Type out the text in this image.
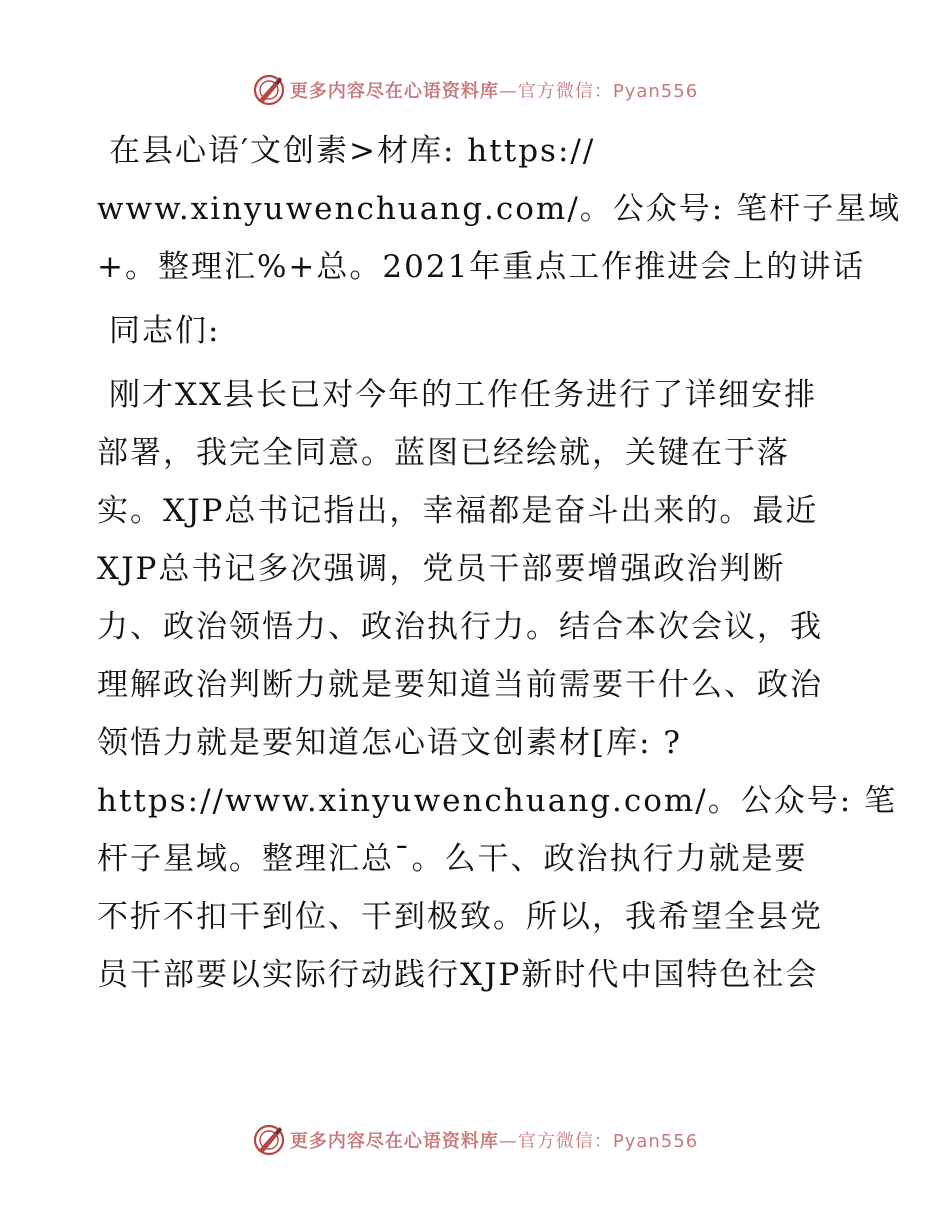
更多内容尽在心语资料库—官方微信：Pyan556
在县心语′文创素>材库: https://
www.xinyuwenchuang.com/。公众号: 笔杆子星域
+。整理汇%+总。2021年重点工作推进会上的讲话
同志们:
刚才XX县长已对今年的工作任务进行了详细安排
部署，我完全同意。蓝图已经绘就，关键在于落
实。XJP总书记指出，幸福都是奋斗出来的。最近
XJP总书记多次强调，党员干部要增强政治判断
力、政治领悟力、政治执行力。结合本次会议，我
理解政治判断力就是要知道当前需要干什么、政治
领悟力就是要知道怎心语文创素材[库: ?
https://www.xinyuwenchuang.com/。公众号: 笔
杆子星域。整理汇总¯。么干、政治执行力就是要
不折不扣干到位、干到极致。所以，我希望全县党
员干部要以实际行动践行XJP新时代中国特色社会
更多内容尽在心语资料库—官方微信：Pyan556
